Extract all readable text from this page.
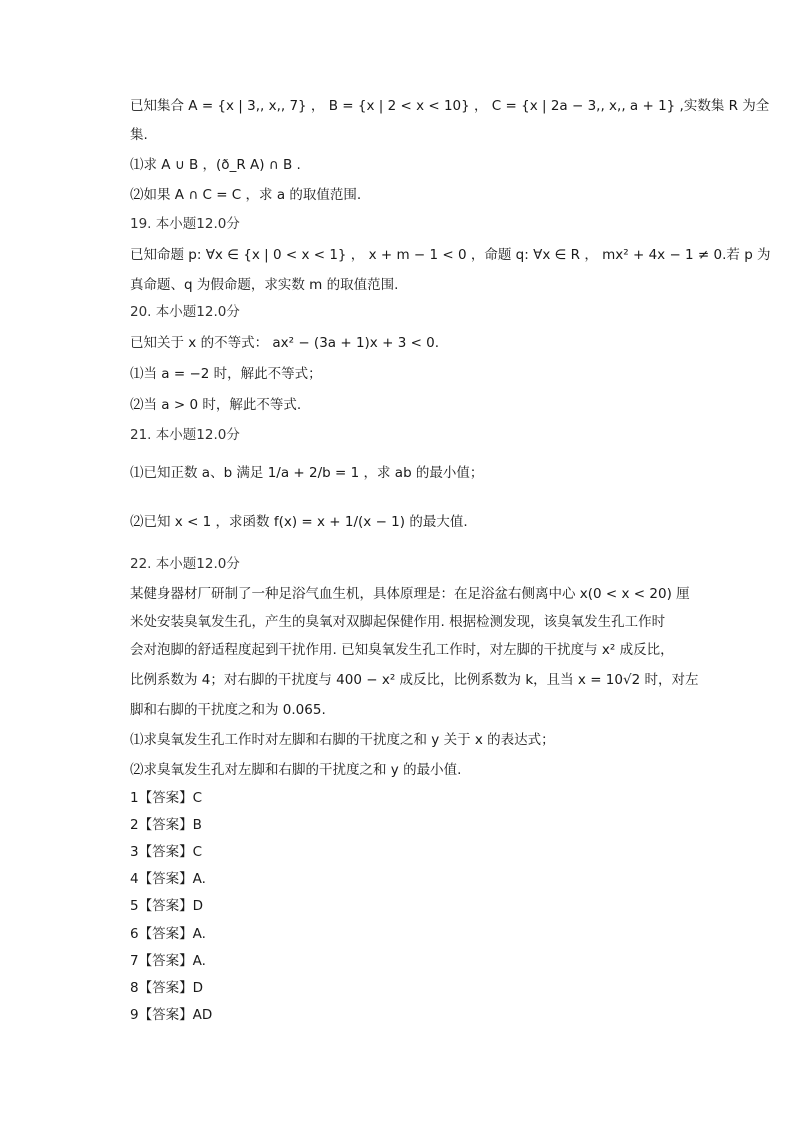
已知集合 A = {x | 3,, x,, 7} ， B = {x | 2 < x < 10} ， C = {x | 2a − 3,, x,, a + 1} ,实数集 R 为全
集.
⑴求 A ∪ B ，(ð_R A) ∩ B .
⑵如果 A ∩ C = C ，求 a 的取值范围.
19. 本小题12.0分
已知命题 p: ∀x ∈ {x | 0 < x < 1} ， x + m − 1 < 0 ，命题 q: ∀x ∈ R ， mx² + 4x − 1 ≠ 0.若 p 为
真命题、q 为假命题，求实数 m 的取值范围.
20. 本小题12.0分
已知关于 x 的不等式： ax² − (3a + 1)x + 3 < 0.
⑴当 a = −2 时，解此不等式；
⑵当 a > 0 时，解此不等式.
21. 本小题12.0分
⑴已知正数 a、b 满足 1/a + 2/b = 1 ，求 ab 的最小值；
⑵已知 x < 1 ，求函数 f(x) = x + 1/(x − 1) 的最大值.
22. 本小题12.0分
某健身器材厂研制了一种足浴气血生机，具体原理是：在足浴盆右侧离中心 x(0 < x < 20) 厘
米处安装臭氧发生孔，产生的臭氧对双脚起保健作用. 根据检测发现，该臭氧发生孔工作时
会对泡脚的舒适程度起到干扰作用. 已知臭氧发生孔工作时，对左脚的干扰度与 x² 成反比，
比例系数为 4；对右脚的干扰度与 400 − x² 成反比，比例系数为 k，且当 x = 10√2 时，对左
脚和右脚的干扰度之和为 0.065.
⑴求臭氧发生孔工作时对左脚和右脚的干扰度之和 y 关于 x 的表达式；
⑵求臭氧发生孔对左脚和右脚的干扰度之和 y 的最小值.
1【答案】C
2【答案】B
3【答案】C
4【答案】A.
5【答案】D
6【答案】A.
7【答案】A.
8【答案】D
9【答案】AD
